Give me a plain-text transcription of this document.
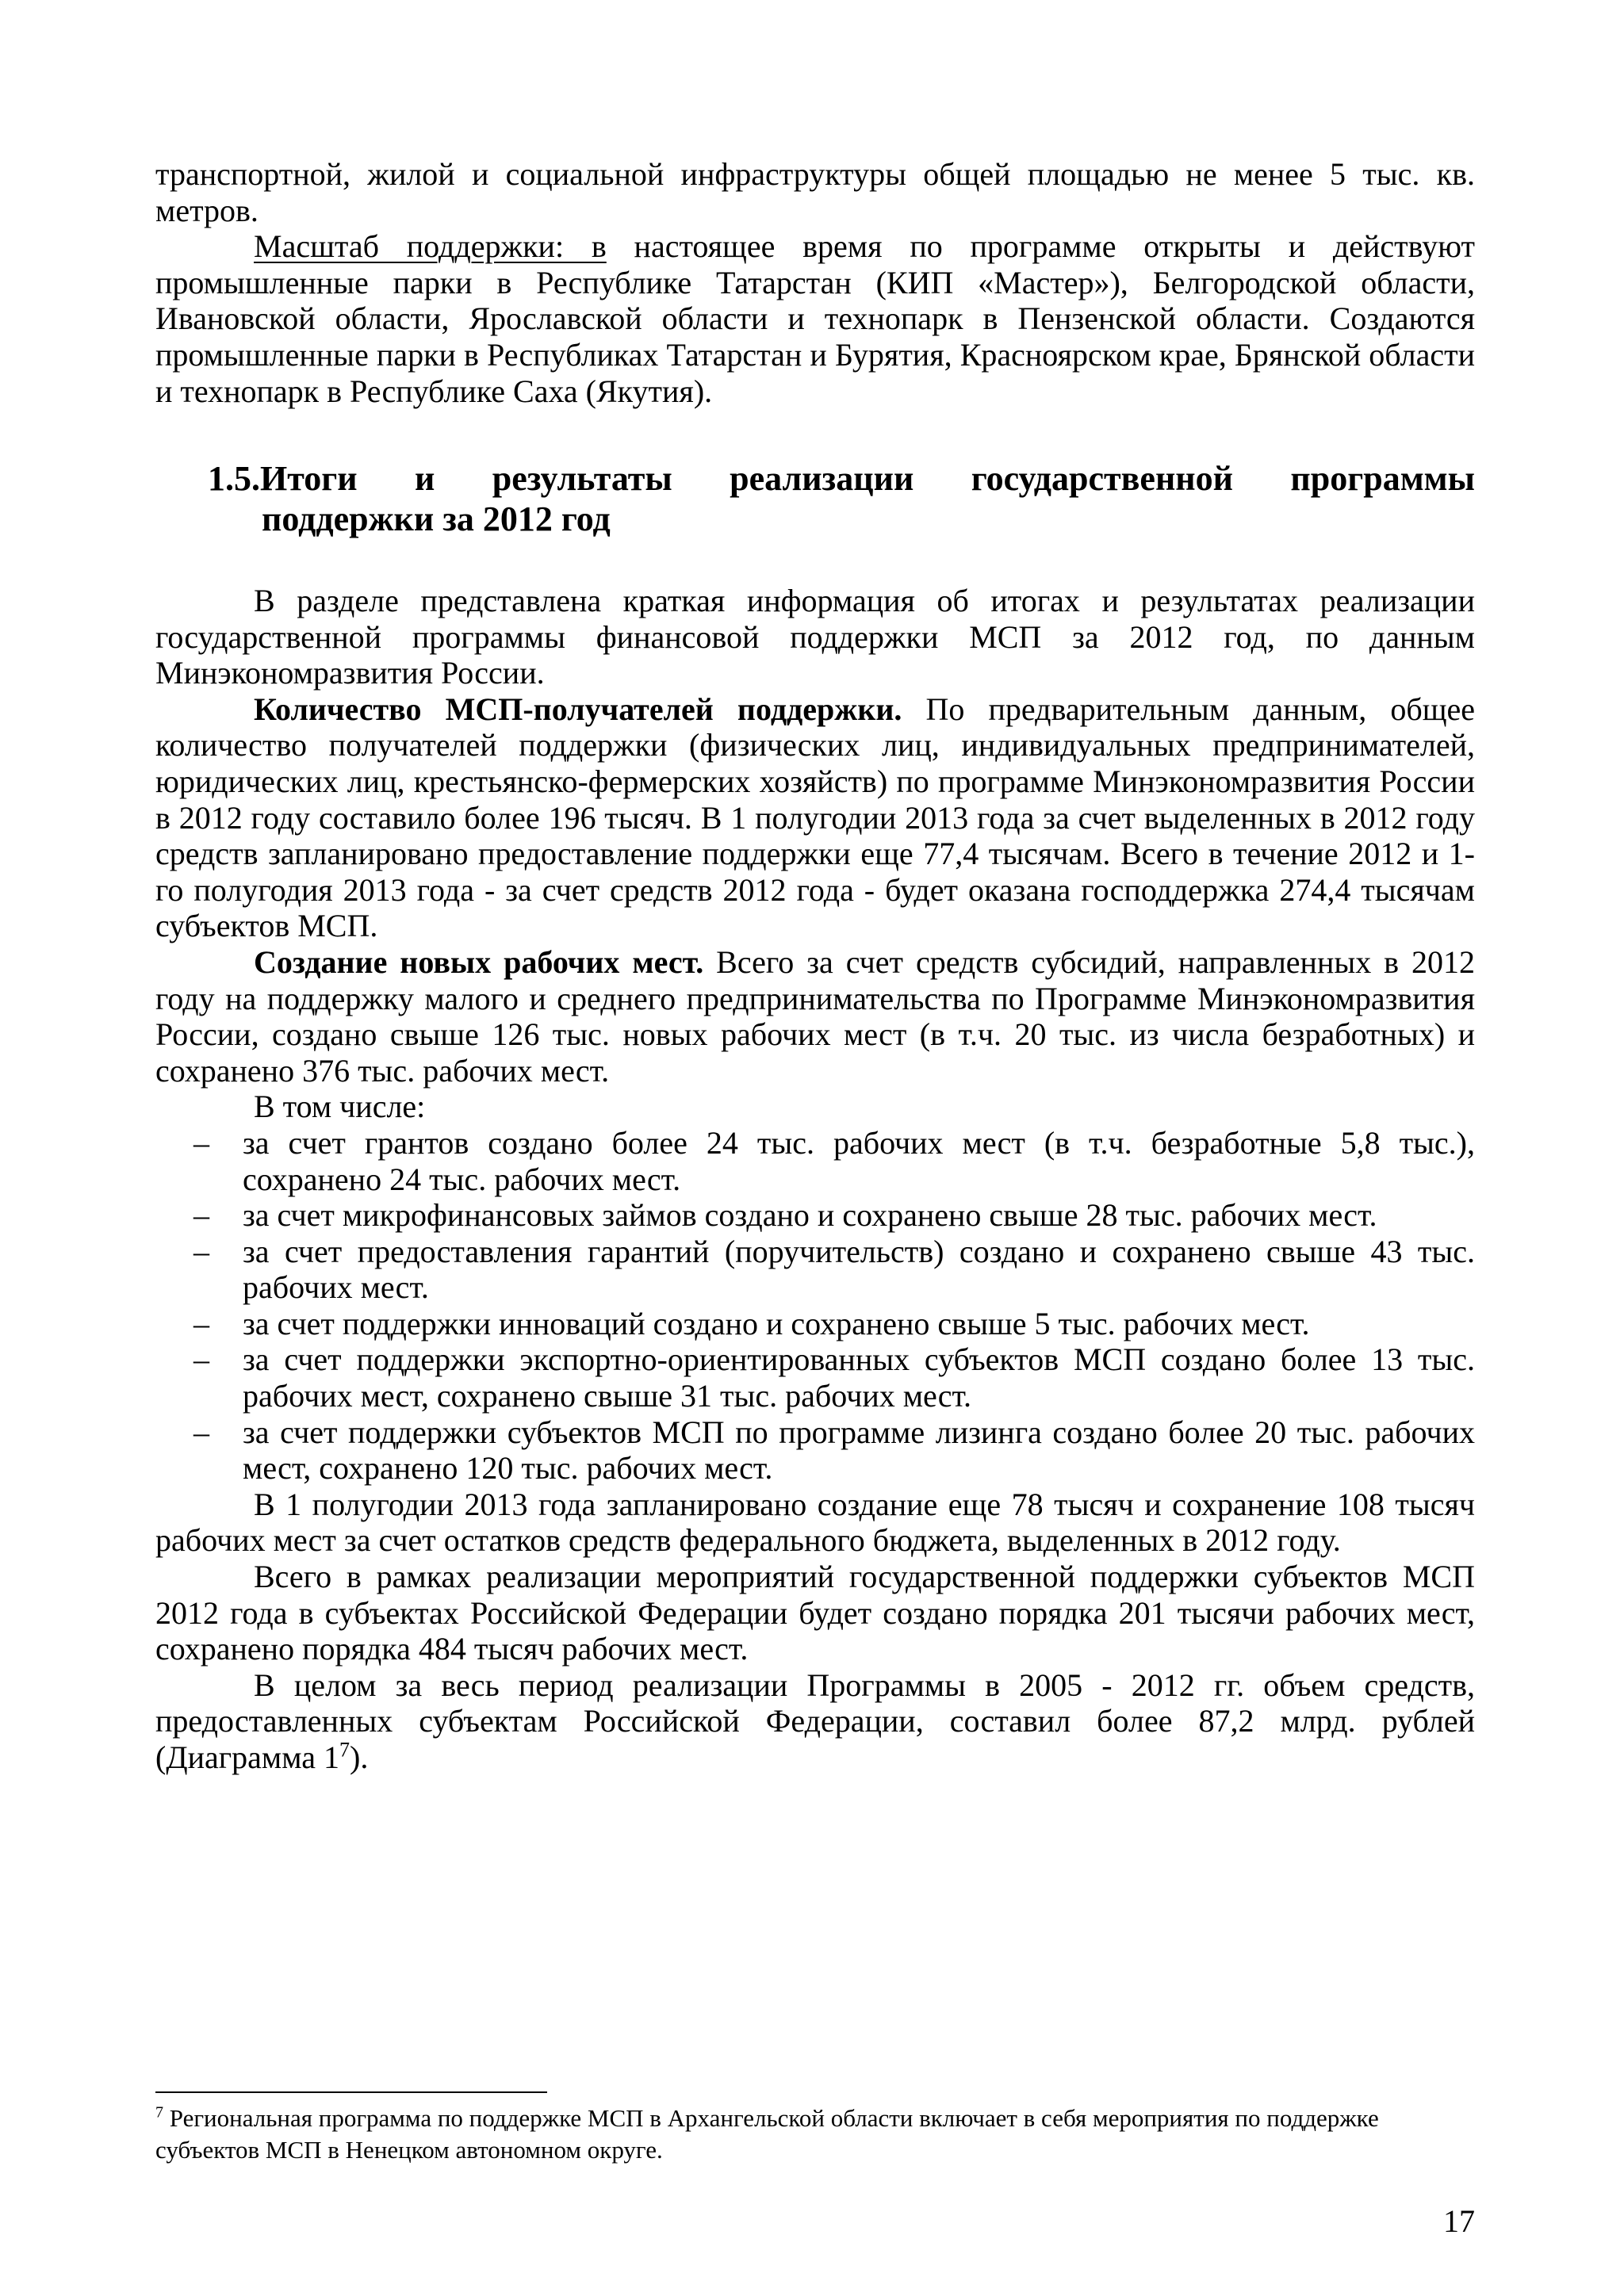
транспортной, жилой и социальной инфраструктуры общей площадью не менее 5 тыс. кв. метров.

Масштаб поддержки: в настоящее время по программе открыты и действуют промышленные парки в Республике Татарстан (КИП «Мастер»), Белгородской области, Ивановской области, Ярославской области и технопарк в Пензенской области. Создаются промышленные парки в Республиках Татарстан и Бурятия, Красноярском крае, Брянской области и технопарк в Республике Саха (Якутия).

1.5. Итоги и результаты реализации государственной программы
поддержки за 2012 год

В разделе представлена краткая информация об итогах и результатах реализации государственной программы финансовой поддержки МСП за 2012 год, по данным Минэкономразвития России.

Количество МСП-получателей поддержки. По предварительным данным, общее количество получателей поддержки (физических лиц, индивидуальных предпринимателей, юридических лиц, крестьянско-фермерских хозяйств) по программе Минэкономразвития России в 2012 году составило более 196 тысяч. В 1 полугодии 2013 года за счет выделенных в 2012 году средств запланировано предоставление поддержки еще 77,4 тысячам. Всего в течение 2012 и 1-го полугодия 2013 года - за счет средств 2012 года - будет оказана господдержка 274,4 тысячам субъектов МСП.

Создание новых рабочих мест. Всего за счет средств субсидий, направленных в 2012 году на поддержку малого и среднего предпринимательства по Программе Минэкономразвития России, создано свыше 126 тыс. новых рабочих мест (в т.ч. 20 тыс. из числа безработных) и сохранено 376 тыс. рабочих мест.

В том числе:

– за счет грантов создано более 24 тыс. рабочих мест (в т.ч. безработные 5,8 тыс.), сохранено 24 тыс. рабочих мест.
– за счет микрофинансовых займов создано и сохранено свыше 28 тыс. рабочих мест.
– за счет предоставления гарантий (поручительств) создано и сохранено свыше 43 тыс. рабочих мест.
– за счет поддержки инноваций создано и сохранено свыше 5 тыс. рабочих мест.
– за счет поддержки экспортно-ориентированных субъектов МСП создано более 13 тыс. рабочих мест, сохранено свыше 31 тыс. рабочих мест.
– за счет поддержки субъектов МСП по программе лизинга создано более 20 тыс. рабочих мест, сохранено 120 тыс. рабочих мест.

В 1 полугодии 2013 года запланировано создание еще 78 тысяч и сохранение 108 тысяч рабочих мест за счет остатков средств федерального бюджета, выделенных в 2012 году.

Всего в рамках реализации мероприятий государственной поддержки субъектов МСП 2012 года в субъектах Российской Федерации будет создано порядка 201 тысячи рабочих мест, сохранено порядка 484 тысяч рабочих мест.

В целом за весь период реализации Программы в 2005 - 2012 гг. объем средств, предоставленных субъектам Российской Федерации, составил более 87,2 млрд. рублей (Диаграмма 1$^7$).

$^7$ Региональная программа по поддержке МСП в Архангельской области включает в себя мероприятия по поддержке субъектов МСП в Ненецком автономном округе.
17
